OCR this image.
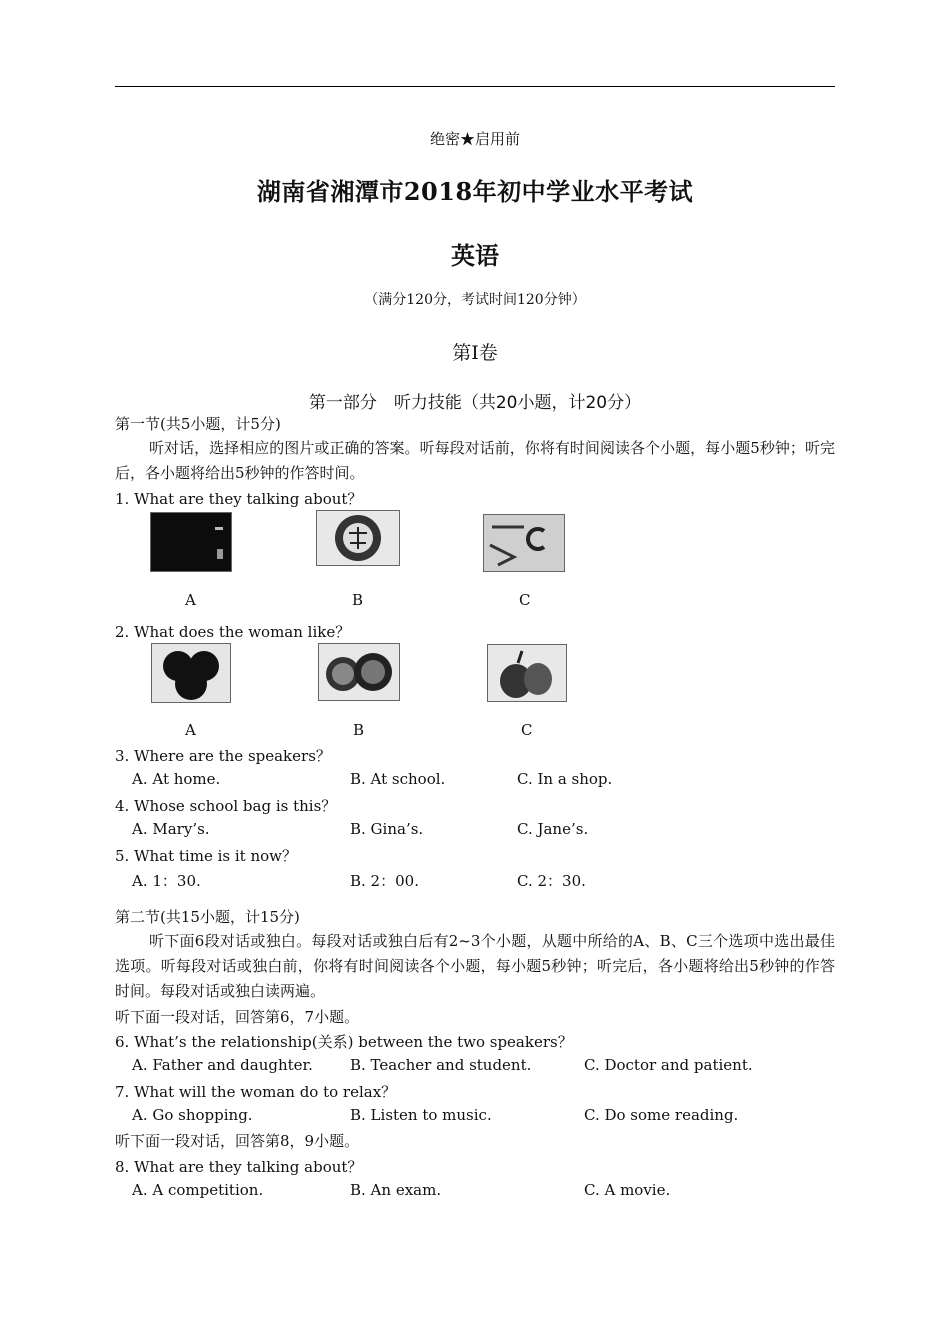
绝密★启用前
湖南省湘潭市2018年初中学业水平考试
英语
（满分120分，考试时间120分钟）
第Ⅰ卷
第一部分　听力技能（共20小题，计20分）
第一节(共5小题，计5分)
听对话，选择相应的图片或正确的答案。听每段对话前，你将有时间阅读各个小题，每小题5秒钟；听完后，各小题将给出5秒钟的作答时间。
1. What are they talking about？
A	B	C
2. What does the woman like？
A	B	C
3. Where are the speakers？
A. At home.	B. At school.	C. In a shop.
4. Whose school bag is this？
A. Mary’s.	B. Gina’s.	C. Jane’s.
5. What time is it now？
A. 1：30.	B. 2：00.	C. 2：30.
第二节(共15小题，计15分)
听下面6段对话或独白。每段对话或独白后有2~3个小题，从题中所给的A、B、C三个选项中选出最佳选项。听每段对话或独白前，你将有时间阅读各个小题，每小题5秒钟；听完后，各小题将给出5秒钟的作答时间。每段对话或独白读两遍。
听下面一段对话，回答第6，7小题。
6. What’s the relationship(关系) between the two speakers？
A. Father and daughter. B. Teacher and student.	C. Doctor and patient.
7. What will the woman do to relax？
A. Go shopping.	B. Listen to music.	C. Do some reading.
听下面一段对话，回答第8，9小题。
8. What are they talking about？
A. A competition.	B. An exam.	C. A movie.
